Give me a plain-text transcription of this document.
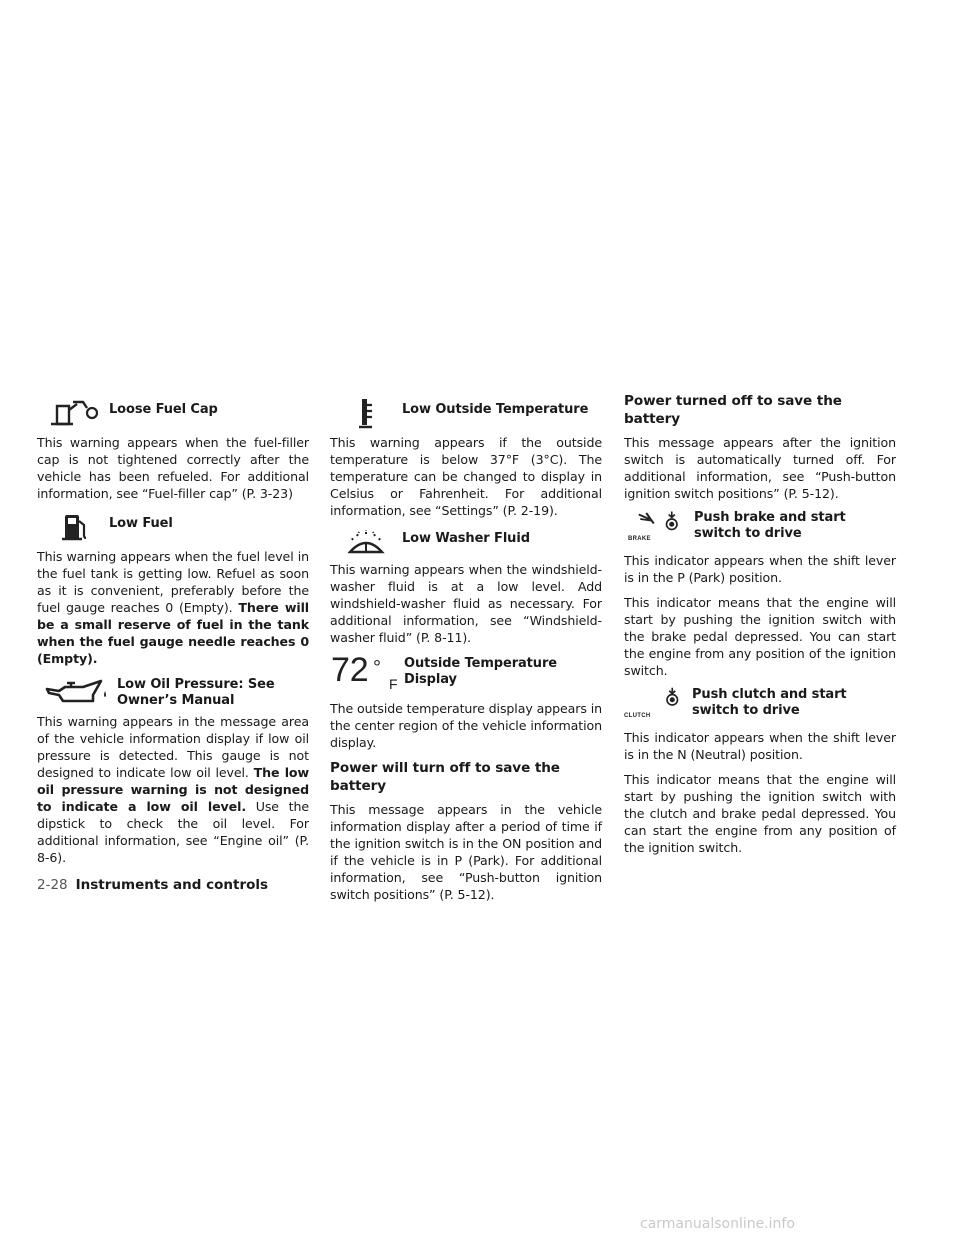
Loose Fuel Cap

This warning appears when the fuel-filler cap is not tightened correctly after the vehicle has been refueled. For additional information, see “Fuel-filler cap” (P. 3-23)

Low Fuel

This warning appears when the fuel level in the fuel tank is getting low. Refuel as soon as it is convenient, preferably before the fuel gauge reaches 0 (Empty). There will be a small reserve of fuel in the tank when the fuel gauge needle reaches 0 (Empty).

Low Oil Pressure: See Owner’s Manual

This warning appears in the message area of the vehicle information display if low oil pressure is detected. This gauge is not designed to indicate low oil level. The low oil pressure warning is not designed to indicate a low oil level. Use the dipstick to check the oil level. For additional information, see “Engine oil” (P. 8-6).

Low Outside Temperature

This warning appears if the outside temperature is below 37°F (3°C). The temperature can be changed to display in Celsius or Fahrenheit. For additional information, see “Settings” (P. 2-19).

Low Washer Fluid

This warning appears when the windshield-washer fluid is at a low level. Add windshield-washer fluid as necessary. For additional information, see “Windshield-washer fluid” (P. 8-11).

72 °
F
Outside Temperature Display

The outside temperature display appears in the center region of the vehicle information display.

Power will turn off to save the battery

This message appears in the vehicle information display after a period of time if the ignition switch is in the ON position and if the vehicle is in P (Park). For additional information, see “Push-button ignition switch positions” (P. 5-12).

Power turned off to save the battery

This message appears after the ignition switch is automatically turned off. For additional information, see “Push-button ignition switch positions” (P. 5-12).

BRAKE
Push brake and start switch to drive

This indicator appears when the shift lever is in the P (Park) position.

This indicator means that the engine will start by pushing the ignition switch with the brake pedal depressed. You can start the engine from any position of the ignition switch.

CLUTCH
Push clutch and start switch to drive

This indicator appears when the shift lever is in the N (Neutral) position.

This indicator means that the engine will start by pushing the ignition switch with the clutch and brake pedal depressed. You can start the engine from any position of the ignition switch.

2-28 Instruments and controls
carmanualsonline.info
